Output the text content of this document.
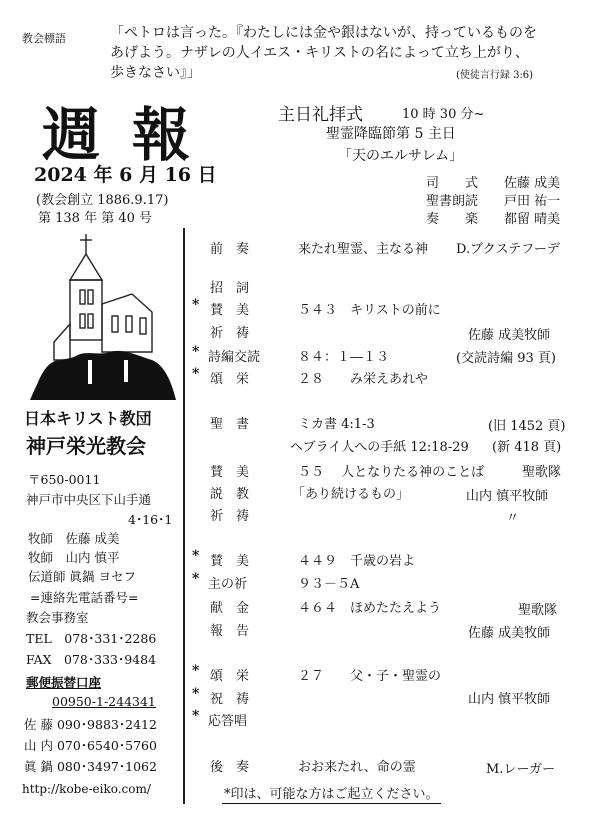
教会標語	「ペトロは言った。『わたしには金や銀はないが、持っているものを
あげよう。ナザレの人イエス・キリストの名によって立ち上がり、
歩きなさい』」	(使徒言行録 3:6)
週報	主日礼拝式	10 時 30 分~
聖霊降臨節第 5 主日
「天のエルサレム」
2024 年 6 月 16 日
(教会創立 1886.9.17)
第 138 年 第 40 号
司　　式 佐藤 成美
聖書朗読 戸田 祐一
奏　　楽 都留 晴美
日本キリスト教団
神戸栄光教会
〒650-0011
神戸市中央区下山手通
4･16･1
牧師　佐藤 成美
牧師　山内 慎平
伝道師 眞鍋 ヨセフ
=連絡先電話番号=
教会事務室
TEL　078･331･2286
FAX　078･333･9484
郵便振替口座
00950-1-244341
佐 藤 090･9883･2412
山 内 070･6540･5760
眞 鍋 080･3497･1062
http://kobe-eiko.com/
前　奏	来たれ聖霊、主なる神 D.ブクステフーデ
招　詞
* 賛　美	５４３　キリストの前に
祈　祷	佐藤 成美牧師
* 詩編交読	８４：１―１３	(交読詩編 93 頁)
* 頌　栄	２８　　み栄えあれや
聖　書	ミカ書 4:1-3	(旧 1452 頁)
ヘブライ人への手紙 12:18-29 (新 418 頁)
賛　美	５５　 人となりたる神のことば	聖歌隊
説　教	「あり続けるもの」	山内 慎平牧師
祈　祷	〃
* 賛　美	４４９　千歳の岩よ
* 主の祈	９３－５A
献　金	４６４　ほめたたえよう	聖歌隊
報　告	佐藤 成美牧師
* 頌　栄	２７　　父・子・聖霊の
* 祝　祷	山内 慎平牧師
* 応答唱
後　奏	おお来たれ、命の霊	M.レーガー
*印は、可能な方はご起立ください。
